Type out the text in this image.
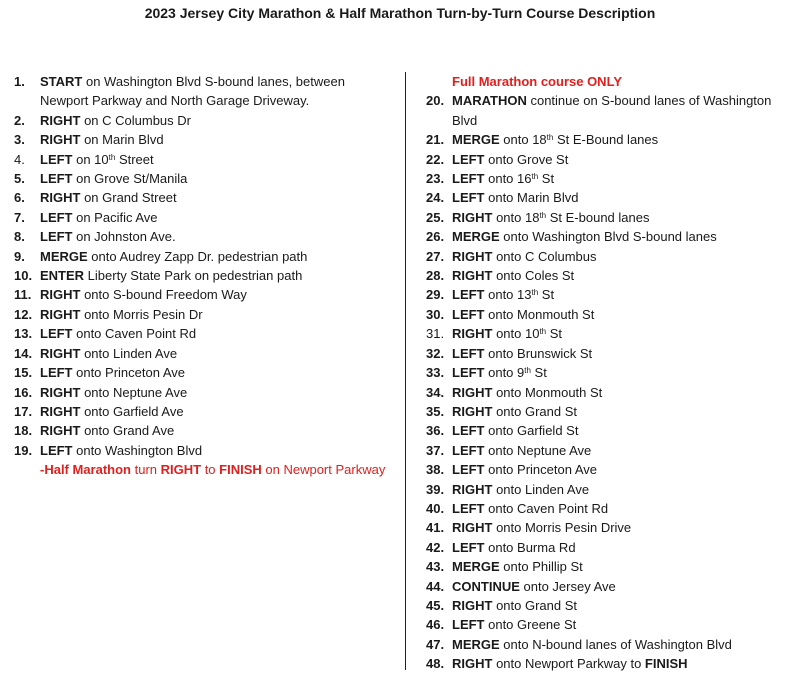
2023 Jersey City Marathon & Half Marathon Turn-by-Turn Course Description
1.	START on Washington Blvd S-bound lanes, between Newport Parkway and North Garage Driveway.
2.	RIGHT on C Columbus Dr
3.	RIGHT on Marin Blvd
4.	LEFT on 10th Street
5.	LEFT on Grove St/Manila
6.	RIGHT on Grand Street
7.	LEFT on Pacific Ave
8.	LEFT on Johnston Ave.
9.	MERGE onto Audrey Zapp Dr. pedestrian path
10. ENTER Liberty State Park on pedestrian path
11. RIGHT onto S-bound Freedom Way
12. RIGHT onto Morris Pesin Dr
13. LEFT onto Caven Point Rd
14. RIGHT onto Linden Ave
15. LEFT onto Princeton Ave
16. RIGHT onto Neptune Ave
17. RIGHT onto Garfield Ave
18. RIGHT onto Grand Ave
19. LEFT onto Washington Blvd
-Half Marathon turn RIGHT to FINISH on Newport Parkway
Full Marathon course ONLY
20. MARATHON continue on S-bound lanes of Washington Blvd
21. MERGE onto 18th St E-Bound lanes
22. LEFT onto Grove St
23. LEFT onto 16th St
24. LEFT onto Marin Blvd
25. RIGHT onto 18th St E-bound lanes
26. MERGE onto Washington Blvd S-bound lanes
27. RIGHT onto C Columbus
28. RIGHT onto Coles St
29. LEFT onto 13th St
30. LEFT onto Monmouth St
31. RIGHT onto 10th St
32. LEFT onto Brunswick St
33. LEFT onto 9th St
34. RIGHT onto Monmouth St
35. RIGHT onto Grand St
36. LEFT onto Garfield St
37. LEFT onto Neptune Ave
38. LEFT onto Princeton Ave
39. RIGHT onto Linden Ave
40. LEFT onto Caven Point Rd
41. RIGHT onto Morris Pesin Drive
42. LEFT onto Burma Rd
43. MERGE onto Phillip St
44. CONTINUE onto Jersey Ave
45. RIGHT onto Grand St
46. LEFT onto Greene St
47. MERGE onto N-bound lanes of Washington Blvd
48. RIGHT onto Newport Parkway to FINISH
